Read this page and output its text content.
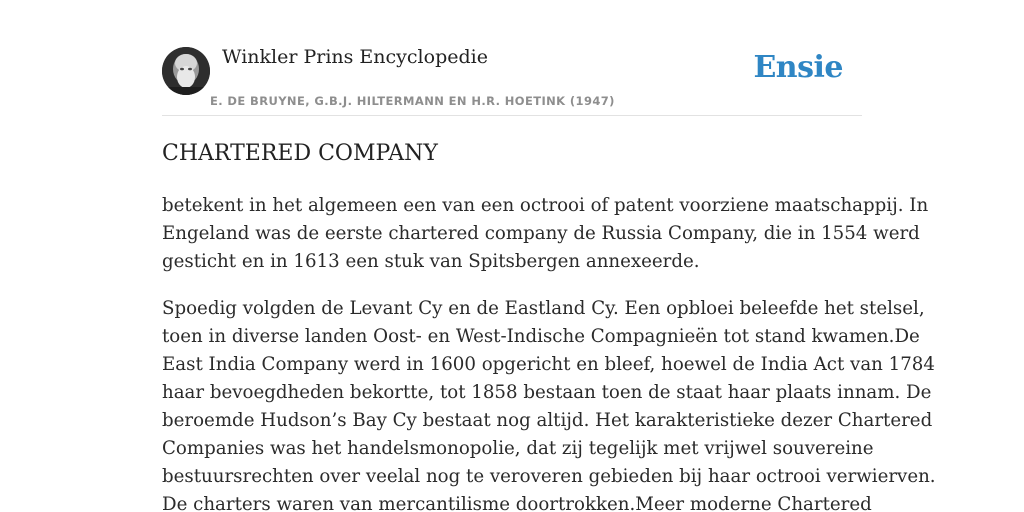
Winkler Prins Encyclopedie
E. DE BRUYNE, G.B.J. HILTERMANN EN H.R. HOETINK (1947)
Ensie
CHARTERED COMPANY

betekent in het algemeen een van een octrooi of patent voorziene maatschappij. In
Engeland was de eerste chartered company de Russia Company, die in 1554 werd
gesticht en in 1613 een stuk van Spitsbergen annexeerde.

Spoedig volgden de Levant Cy en de Eastland Cy. Een opbloei beleefde het stelsel,
toen in diverse landen Oost- en West-Indische Compagnieën tot stand kwamen.De
East India Company werd in 1600 opgericht en bleef, hoewel de India Act van 1784
haar bevoegdheden bekortte, tot 1858 bestaan toen de staat haar plaats innam. De
beroemde Hudson’s Bay Cy bestaat nog altijd. Het karakteristieke dezer Chartered
Companies was het handelsmonopolie, dat zij tegelijk met vrijwel souvereine
bestuursrechten over veelal nog te veroveren gebieden bij haar octrooi verwierven.
De charters waren van mercantilisme doortrokken.Meer moderne Chartered
